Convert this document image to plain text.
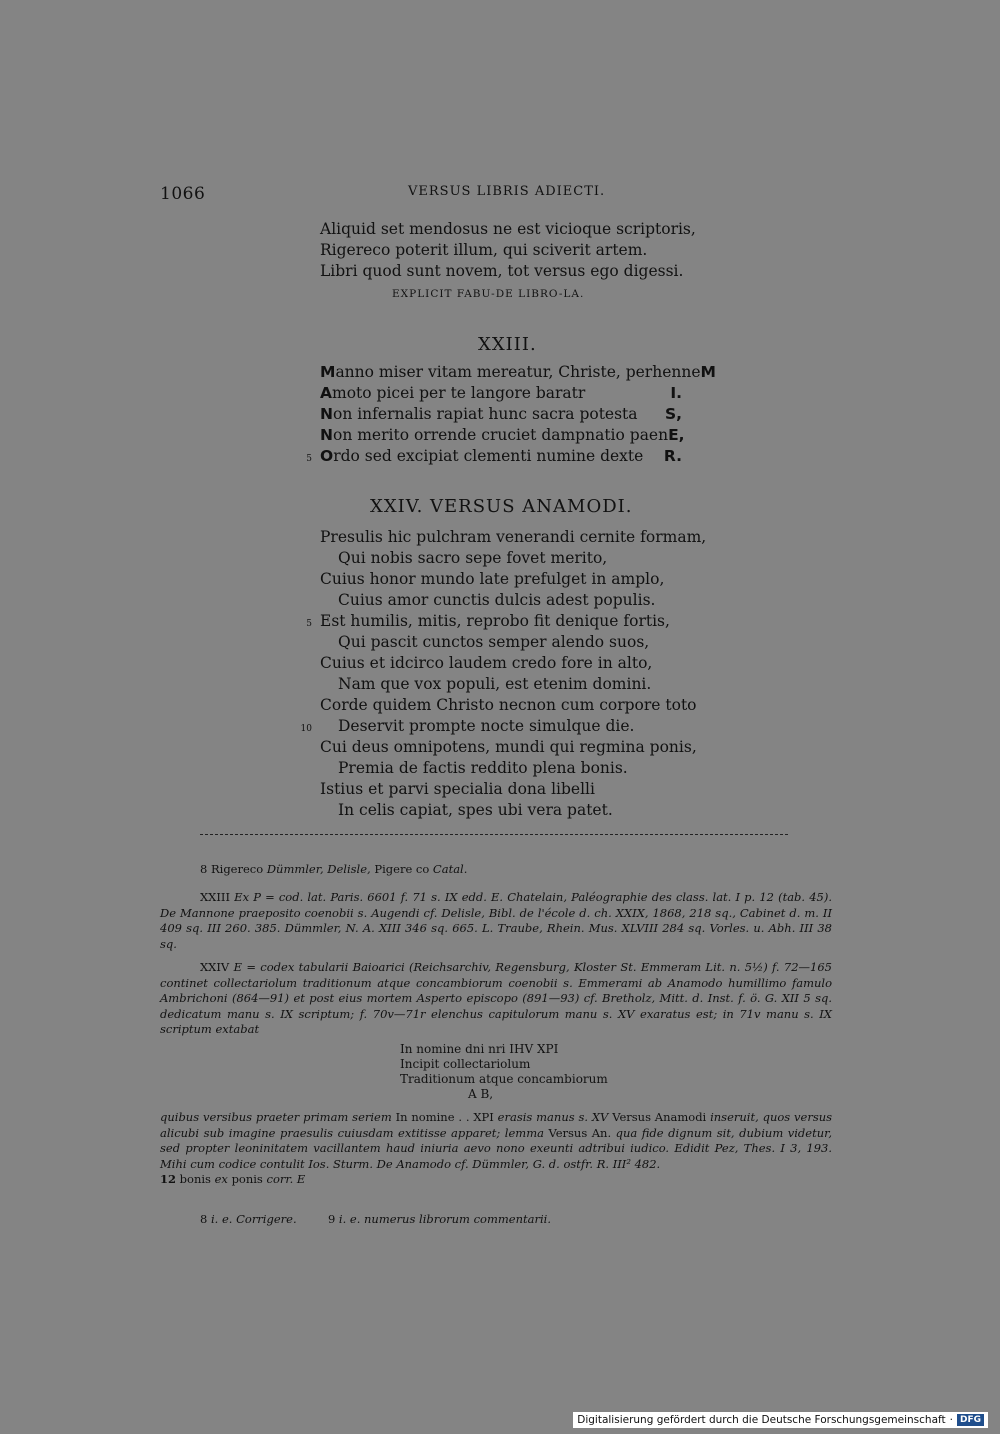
1066	VERSUS LIBRIS ADIECTI.
Aliquid set mendosus ne est vicioque scriptoris,
Rigereco poterit illum, qui sciverit artem.
Libri quod sunt novem, tot versus ego digessi.
EXPLICIT FABU-DE LIBRO-LA.
XXIII.
Manno miser vitam mereatur, Christe, perhenne M
Amoto picei per te langore baratr	I.
Non infernalis rapiat hunc sacra potesta S,
Non merito orrende cruciet dampnatio paen E,
5 Ordo sed excipiat clementi numine dexte R.
XXIV. VERSUS ANAMODI.
Presulis hic pulchram venerandi cernite formam,
Qui nobis sacro sepe fovet merito,
Cuius honor mundo late prefulget in amplo,
Cuius amor cunctis dulcis adest populis.
5 Est humilis, mitis, reprobo fit denique fortis,
Qui pascit cunctos semper alendo suos,
Cuius et idcirco laudem credo fore in alto,
Nam que vox populi, est etenim domini.
Corde quidem Christo necnon cum corpore toto
10 Deservit prompte nocte simulque die.
Cui deus omnipotens, mundi qui regmina ponis,
Premia de factis reddito plena bonis.
Istius et parvi specialia dona libelli
In celis capiat, spes ubi vera patet.
8 Rigereco Dümmler, Delisle, Pigere co Catal.
XXIII Ex P = cod. lat. Paris. 6601 f. 71 s. IX edd. E. Chatelain, Paléographie des class. lat. I p. 12 (tab. 45). De Mannone praeposito coenobii s. Augendi cf. Delisle, Bibl. de l'école d. ch. XXIX, 1868, 218 sq., Cabinet d. m. II 409 sq. III 260. 385. Dümmler, N. A. XIII 346 sq. 665. L. Traube, Rhein. Mus. XLVIII 284 sq. Vorles. u. Abh. III 38 sq.
XXIV E = codex tabularii Baioarici (Reichsarchiv, Regensburg, Kloster St. Emmeram Lit. n. 5½) f. 72—165 continet collectariolum traditionum atque concambiorum coenobii s. Emmerami ab Anamodo humillimo famulo Ambrichoni (864—91) et post eius mortem Asperto episcopo (891—93) cf. Bretholz, Mitt. d. Inst. f. ö. G. XII 5 sq. dedicatum manu s. IX scriptum; f. 70v—71r elenchus capitulorum manu s. XV exaratus est; in 71v manu s. IX scriptum extabat
In nomine dni nri IHV XPI
Incipit collectariolum
Traditionum atque concambiorum
A B,
quibus versibus praeter primam seriem In nomine . . XPI erasis manus s. XV Versus Anamodi inseruit, quos versus alicubi sub imagine praesulis cuiusdam extitisse apparet; lemma Versus An. qua fide dignum sit, dubium videtur, sed propter leoninitatem vacillantem haud iniuria aevo nono exeunti adtribui iudico. Edidit Pez, Thes. I 3, 193. Mihi cum codice contulit Ios. Sturm. De Anamodo cf. Dümmler, G. d. ostfr. R. III² 482.
12 bonis ex ponis corr. E
8 i. e. Corrigere.	9 i. e. numerus librorum commentarii.
Digitalisierung gefördert durch die Deutsche Forschungsgemeinschaft · DFG
